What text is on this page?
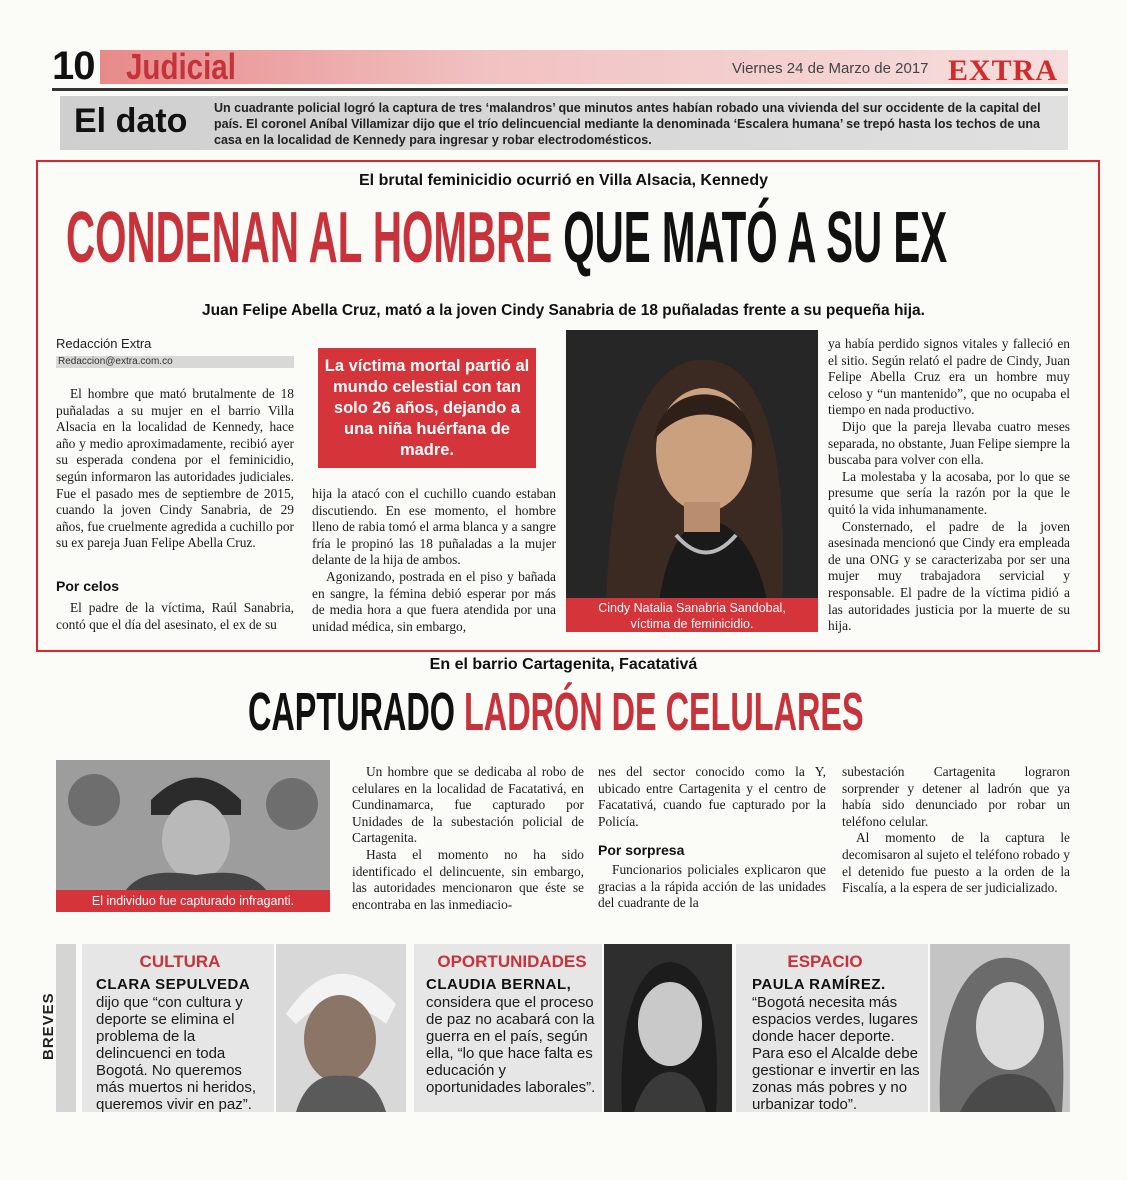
10 Judicial	Viernes 24 de Marzo de 2017 EXTRA
El dato Un cuadrante policial logró la captura de tres ‘malandros’ que minutos antes habían robado una vivienda del sur occidente de la capital del país. El coronel Aníbal Villamizar dijo que el trío delincuencial mediante la denominada ‘Escalera humana’ se trepó hasta los techos de una casa en la localidad de Kennedy para ingresar y robar electrodomésticos.
El brutal feminicidio ocurrió en Villa Alsacia, Kennedy
CONDENAN AL HOMBRE QUE MATÓ A SU EX
Juan Felipe Abella Cruz, mató a la joven Cindy Sanabria de 18 puñaladas frente a su pequeña hija.
Redacción Extra
Redaccion@extra.com.co

El hombre que mató brutalmente de 18 puñaladas a su mujer en el barrio Villa Alsacia en la localidad de Kennedy, hace año y medio aproximadamente, recibió ayer su esperada condena por el feminicidio, según informaron las autoridades judiciales. Fue el pasado mes de septiembre de 2015, cuando la joven Cindy Sanabria, de 29 años, fue cruelmente agredida a cuchillo por su ex pareja Juan Felipe Abella Cruz.

Por celos

El padre de la víctima, Raúl Sanabria, contó que el día del asesinato, el ex de su

La víctima mortal partió al mundo celestial con tan solo 26 años, dejando a una niña huérfana de madre.

hija la atacó con el cuchillo cuando estaban discutiendo. En ese momento, el hombre lleno de rabia tomó el arma blanca y a sangre fría le propinó las 18 puñaladas a la mujer delante de la hija de ambos.

Agonizando, postrada en el piso y bañada en sangre, la fémina debió esperar por más de media hora a que fuera atendida por una unidad médica, sin embargo,

Cindy Natalia Sanabria Sandobal,
víctima de feminicidio.

ya había perdido signos vitales y falleció en el sitio. Según relató el padre de Cindy, Juan Felipe Abella Cruz era un hombre muy celoso y “un mantenido”, que no ocupaba el tiempo en nada productivo.

Dijo que la pareja llevaba cuatro meses separada, no obstante, Juan Felipe siempre la buscaba para volver con ella.

La molestaba y la acosaba, por lo que se presume que sería la razón por la que le quitó la vida inhumanamente.

Consternado, el padre de la joven asesinada mencionó que Cindy era empleada de una ONG y se caracterizaba por ser una mujer muy trabajadora servicial y responsable. El padre de la víctima pidió a las autoridades justicia por la muerte de su hija.

En el barrio Cartagenita, Facatativá
CAPTURADO LADRÓN DE CELULARES
El individuo fue capturado infraganti.

Un hombre que se dedicaba al robo de celulares en la localidad de Facatativá, en Cundinamarca, fue capturado por Unidades de la subestación policial de Cartagenita.

Hasta el momento no ha sido identificado el delincuente, sin embargo, las autoridades mencionaron que éste se encontraba en las inmediacio-

nes del sector conocido como la Y, ubicado entre Cartagenita y el centro de Facatativá, cuando fue capturado por la Policía.

Por sorpresa

Funcionarios policiales explicaron que gracias a la rápida acción de las unidades del cuadrante de la

subestación Cartagenita lograron sorprender y detener al ladrón que ya había sido denunciado por robar un teléfono celular.

Al momento de la captura le decomisaron al sujeto el teléfono robado y el detenido fue puesto a la orden de la Fiscalía, a la espera de ser judicializado.

BREVES
CULTURA
CLARA SEPULVEDA
dijo que “con cultura y deporte se elimina el problema de la delincuenci en toda Bogotá. No queremos más muertos ni heridos, queremos vivir en paz”.
OPORTUNIDADES
CLAUDIA BERNAL,
considera que el proceso de paz no acabará con la guerra en el país, según ella, “lo que hace falta es educación y oportunidades laborales”.
ESPACIO
PAULA RAMÍREZ.
“Bogotá necesita más espacios verdes, lugares donde hacer deporte. Para eso el Alcalde debe gestionar e invertir en las zonas más pobres y no urbanizar todo”.
